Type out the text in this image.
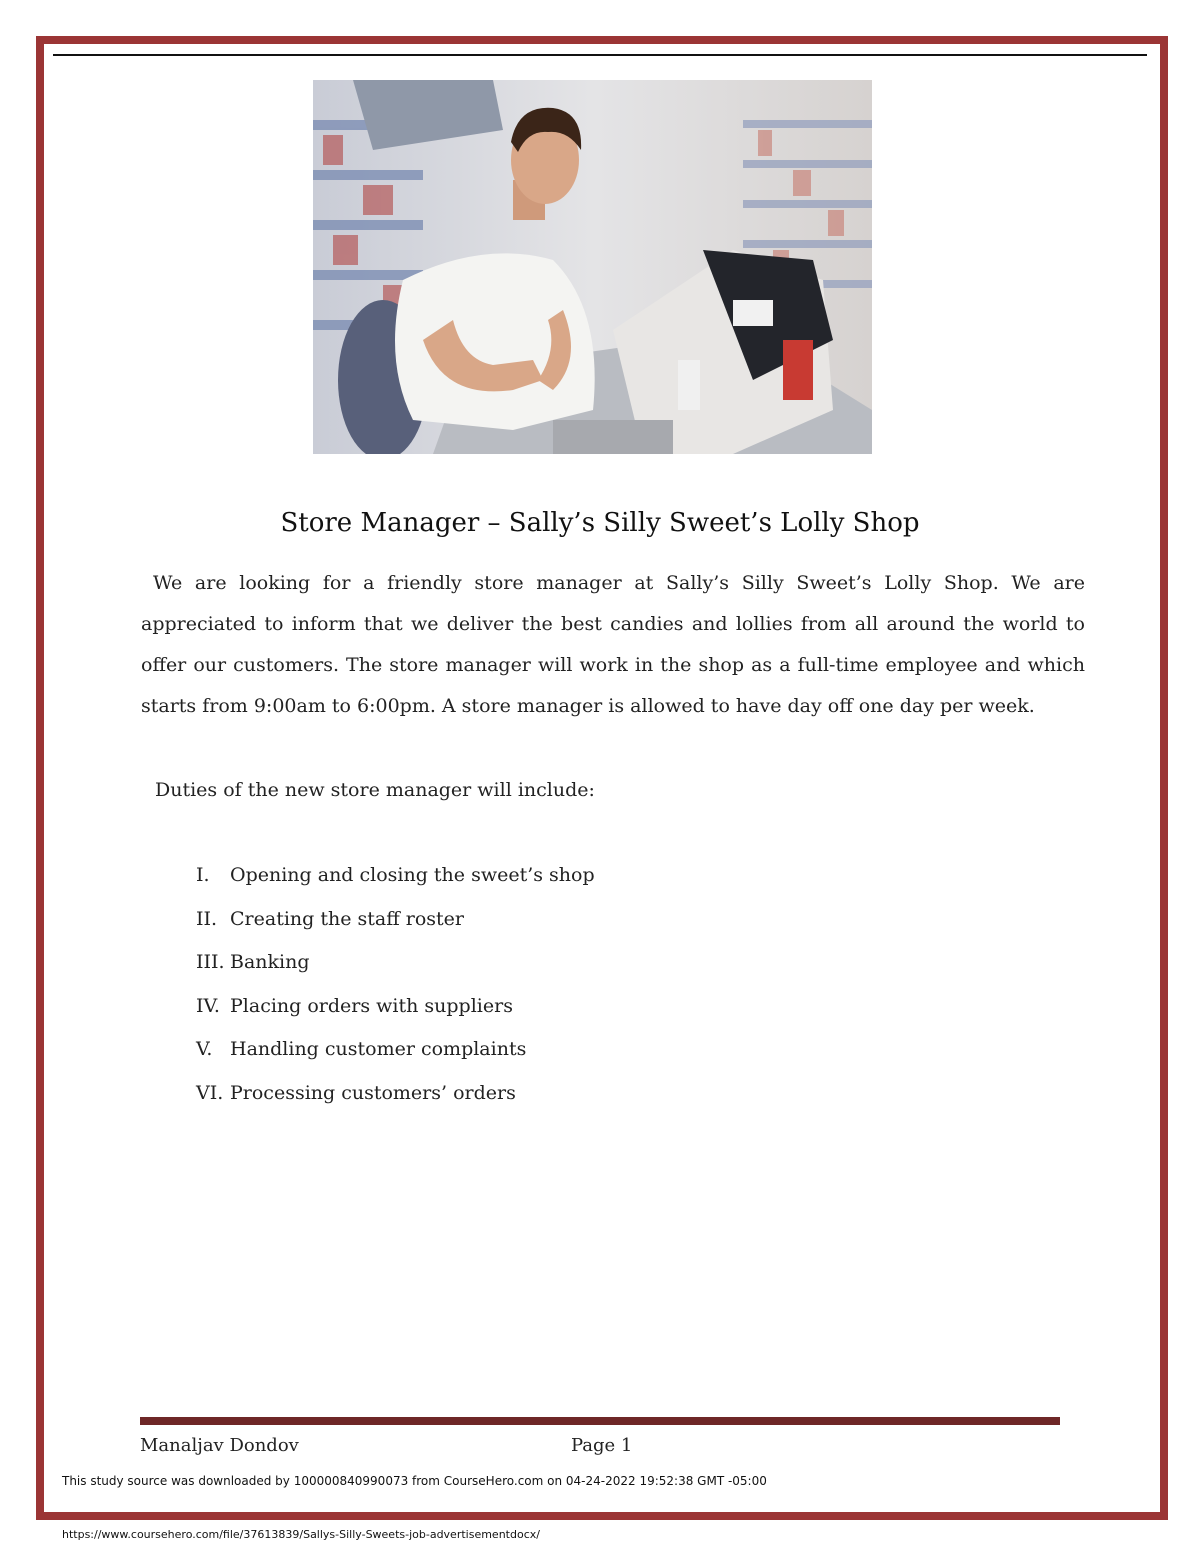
Store Manager – Sally’s Silly Sweet’s Lolly Shop
We are looking for a friendly store manager at Sally’s Silly Sweet’s Lolly Shop. We are appreciated to inform that we deliver the best candies and lollies from all around the world to offer our customers. The store manager will work in the shop as a full-time employee and which starts from 9:00am to 6:00pm. A store manager is allowed to have day off one day per week.
Duties of the new store manager will include:
I.	Opening and closing the sweet’s shop
II. Creating the staff roster
III. Banking
IV. Placing orders with suppliers
V. Handling customer complaints
VI. Processing customers’ orders
Manaljav Dondov	Page 1
This study source was downloaded by 100000840990073 from CourseHero.com on 04-24-2022 19:52:38 GMT -05:00
https://www.coursehero.com/file/37613839/Sallys-Silly-Sweets-job-advertisementdocx/
